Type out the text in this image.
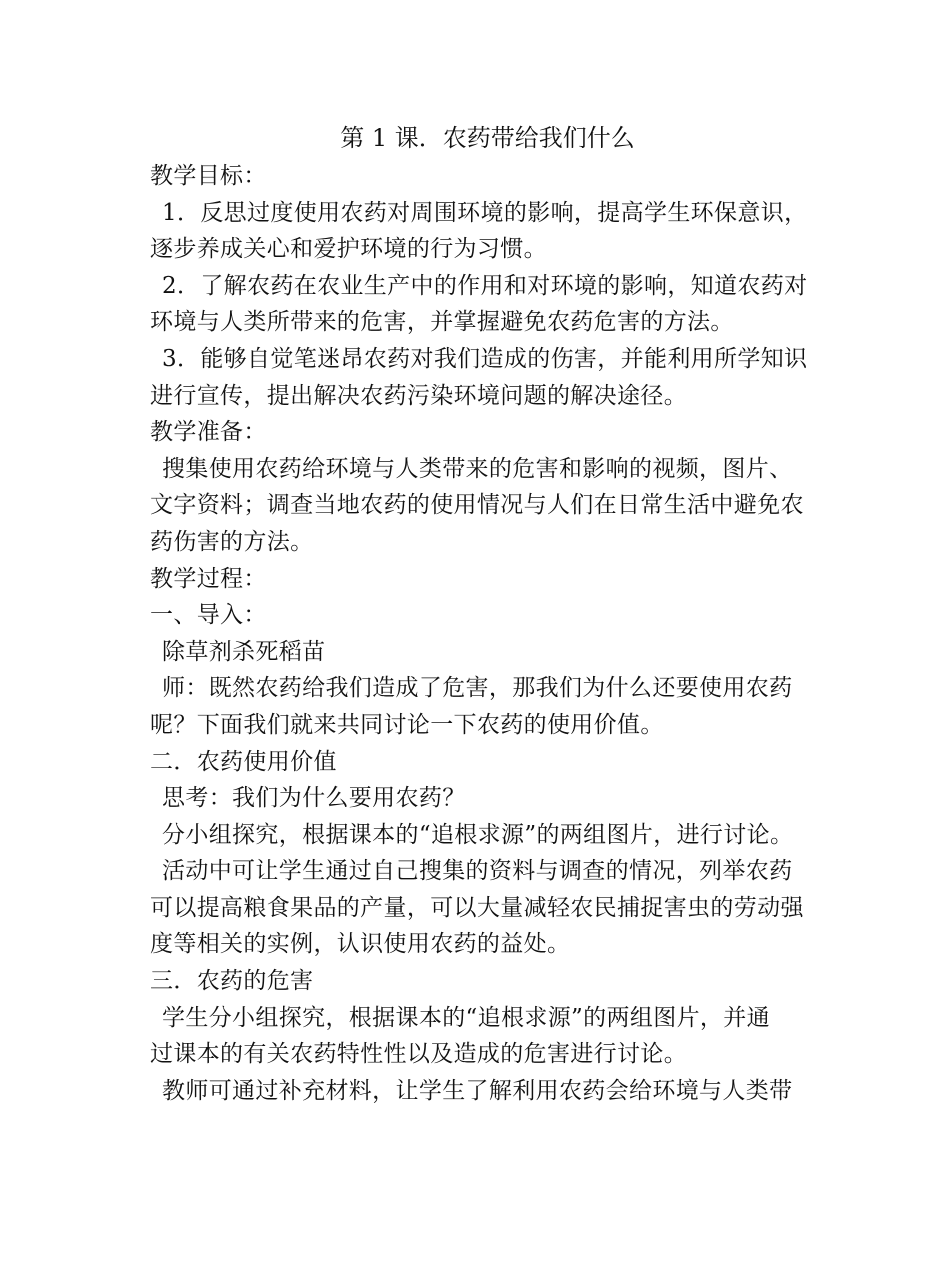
第 1 课．农药带给我们什么

教学目标：

1．反思过度使用农药对周围环境的影响，提高学生环保意识，

逐步养成关心和爱护环境的行为习惯。

2．了解农药在农业生产中的作用和对环境的影响，知道农药对

环境与人类所带来的危害，并掌握避免农药危害的方法。

3．能够自觉笔迷昂农药对我们造成的伤害，并能利用所学知识

进行宣传，提出解决农药污染环境问题的解决途径。

教学准备：

搜集使用农药给环境与人类带来的危害和影响的视频，图片、

文字资料；调查当地农药的使用情况与人们在日常生活中避免农

药伤害的方法。

教学过程：

一、导入：

除草剂杀死稻苗

师：既然农药给我们造成了危害，那我们为什么还要使用农药

呢？下面我们就来共同讨论一下农药的使用价值。

二．农药使用价值

思考：我们为什么要用农药？

分小组探究，根据课本的“追根求源”的两组图片，进行讨论。

活动中可让学生通过自己搜集的资料与调查的情况，列举农药

可以提高粮食果品的产量，可以大量减轻农民捕捉害虫的劳动强

度等相关的实例，认识使用农药的益处。

三．农药的危害

学生分小组探究，根据课本的“追根求源”的两组图片，并通

过课本的有关农药特性性以及造成的危害进行讨论。

教师可通过补充材料，让学生了解利用农药会给环境与人类带
